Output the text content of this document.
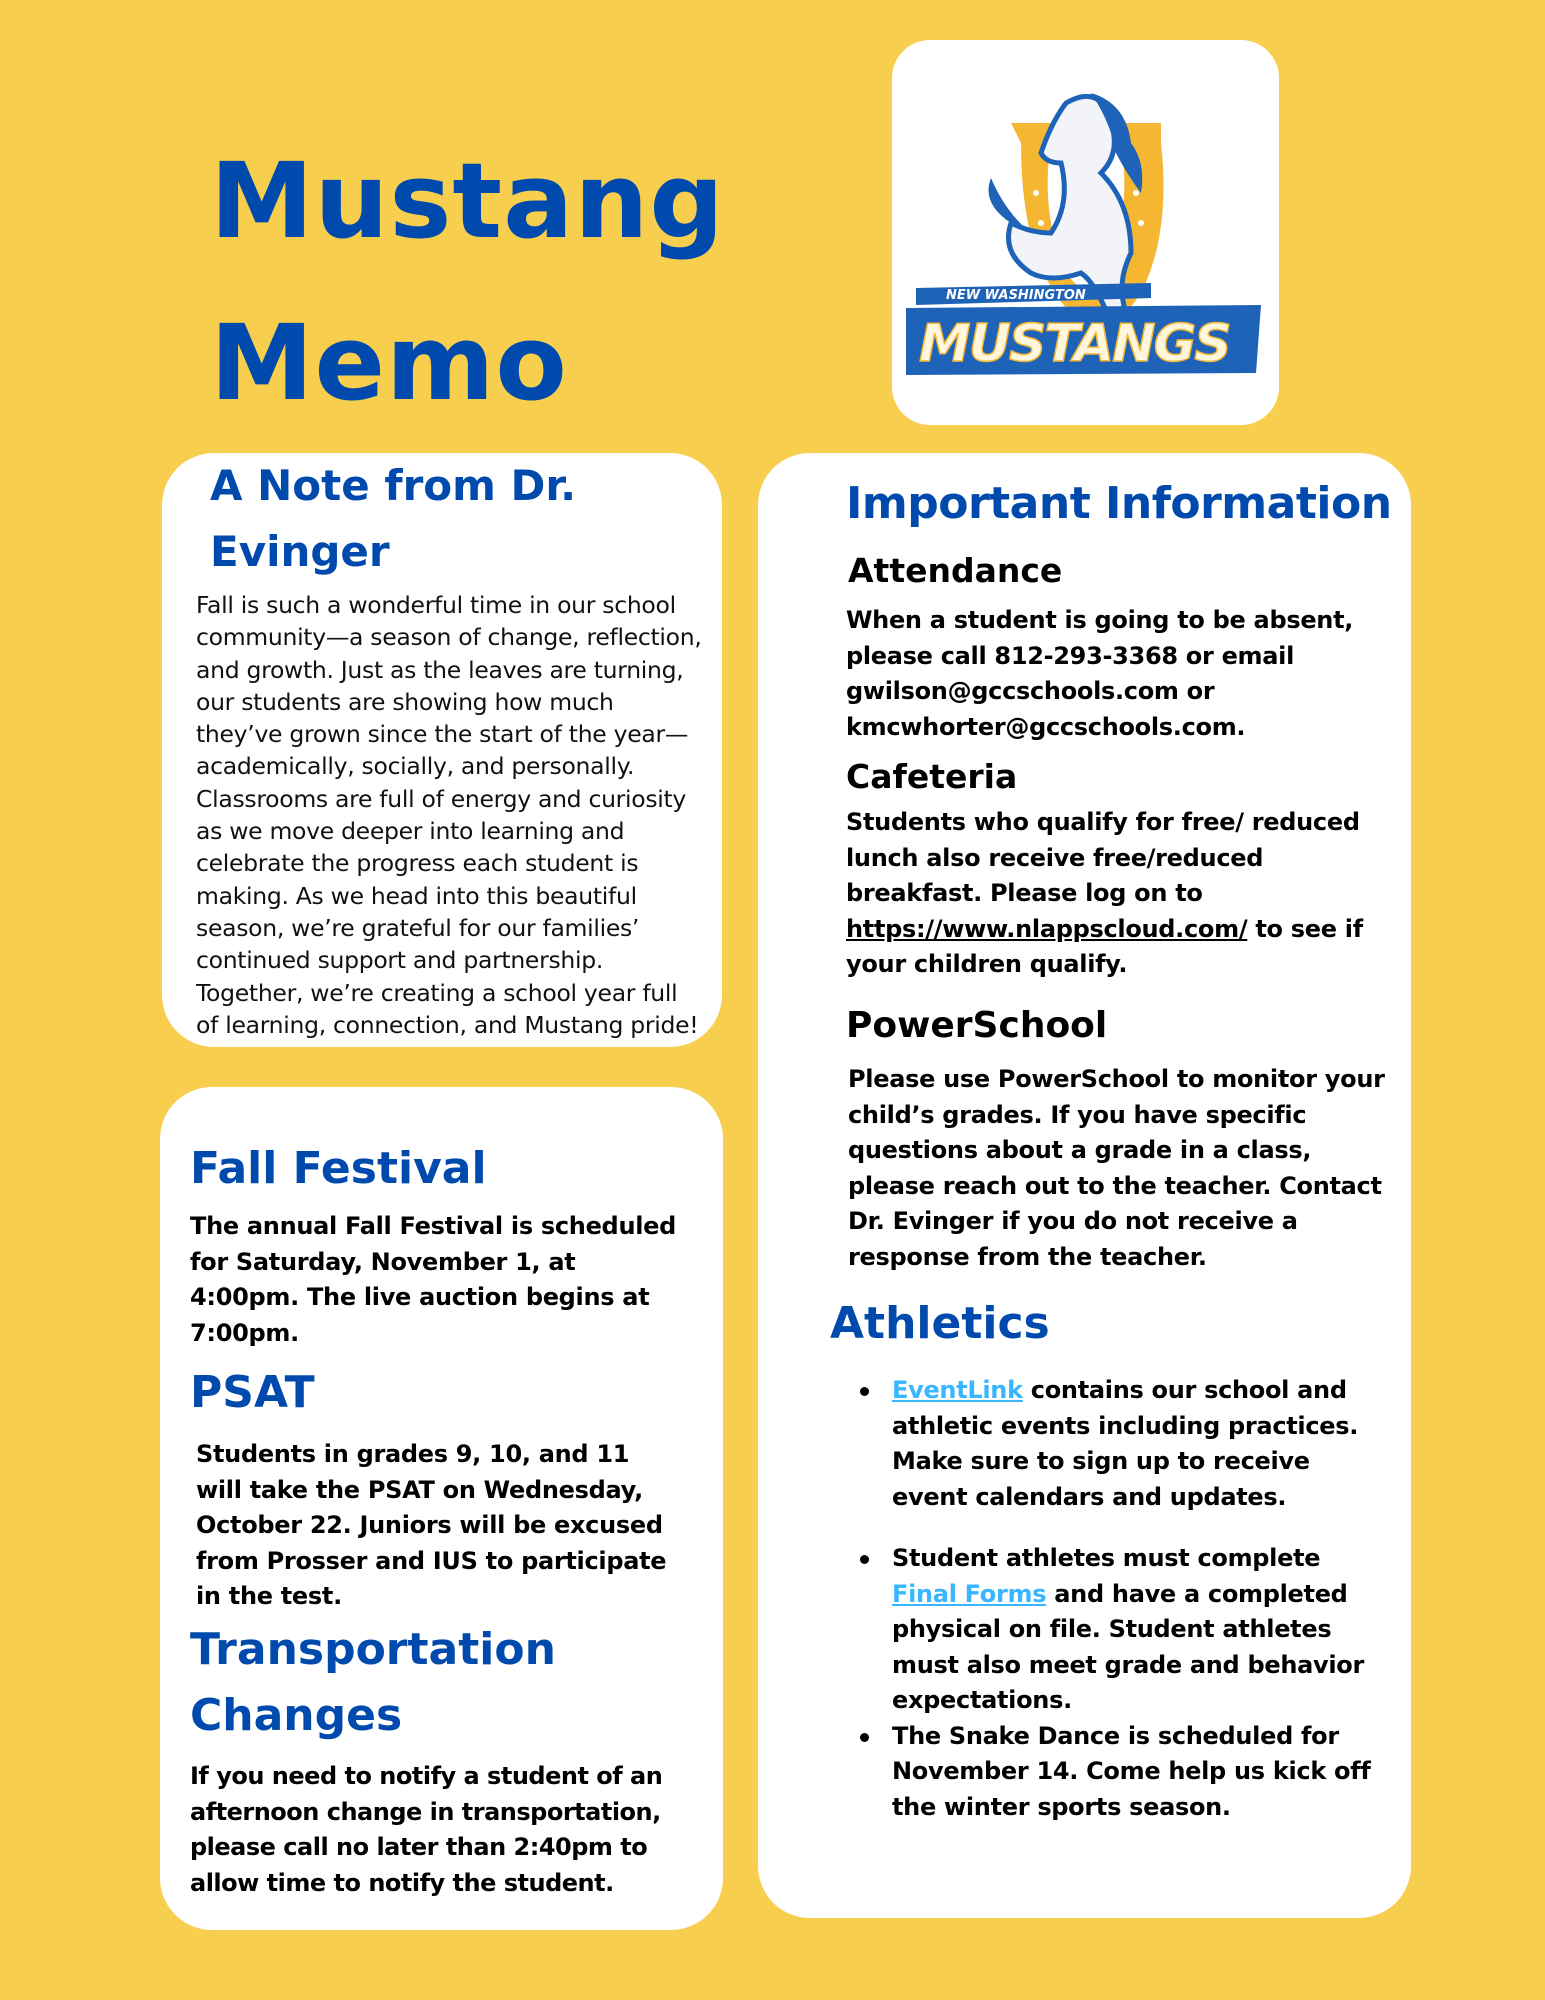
Mustang
Memo
NEW WASHINGTON
MUSTANGS
A Note from Dr. Evinger
Fall is such a wonderful time in our school community—a season of change, reflection, and growth. Just as the leaves are turning, our students are showing how much they’ve grown since the start of the year—academically, socially, and personally. Classrooms are full of energy and curiosity as we move deeper into learning and celebrate the progress each student is making. As we head into this beautiful season, we’re grateful for our families’ continued support and partnership. Together, we’re creating a school year full of learning, connection, and Mustang pride!
Fall Festival
The annual Fall Festival is scheduled for Saturday, November 1, at 4:00pm. The live auction begins at 7:00pm.
PSAT
Students in grades 9, 10, and 11 will take the PSAT on Wednesday, October 22. Juniors will be excused from Prosser and IUS to participate in the test.
Transportation Changes
If you need to notify a student of an afternoon change in transportation, please call no later than 2:40pm to allow time to notify the student.
Important Information
Attendance
When a student is going to be absent, please call 812-293-3368 or email gwilson@gccschools.com or kmcwhorter@gccschools.com.
Cafeteria
Students who qualify for free/ reduced lunch also receive free/reduced breakfast. Please log on to https://www.nlappscloud.com/ to see if your children qualify.
PowerSchool
Please use PowerSchool to monitor your child’s grades. If you have specific questions about a grade in a class, please reach out to the teacher. Contact Dr. Evinger if you do not receive a response from the teacher.
Athletics
EventLink contains our school and athletic events including practices. Make sure to sign up to receive event calendars and updates.
Student athletes must complete Final Forms and have a completed physical on file. Student athletes must also meet grade and behavior expectations.
The Snake Dance is scheduled for November 14. Come help us kick off the winter sports season.
